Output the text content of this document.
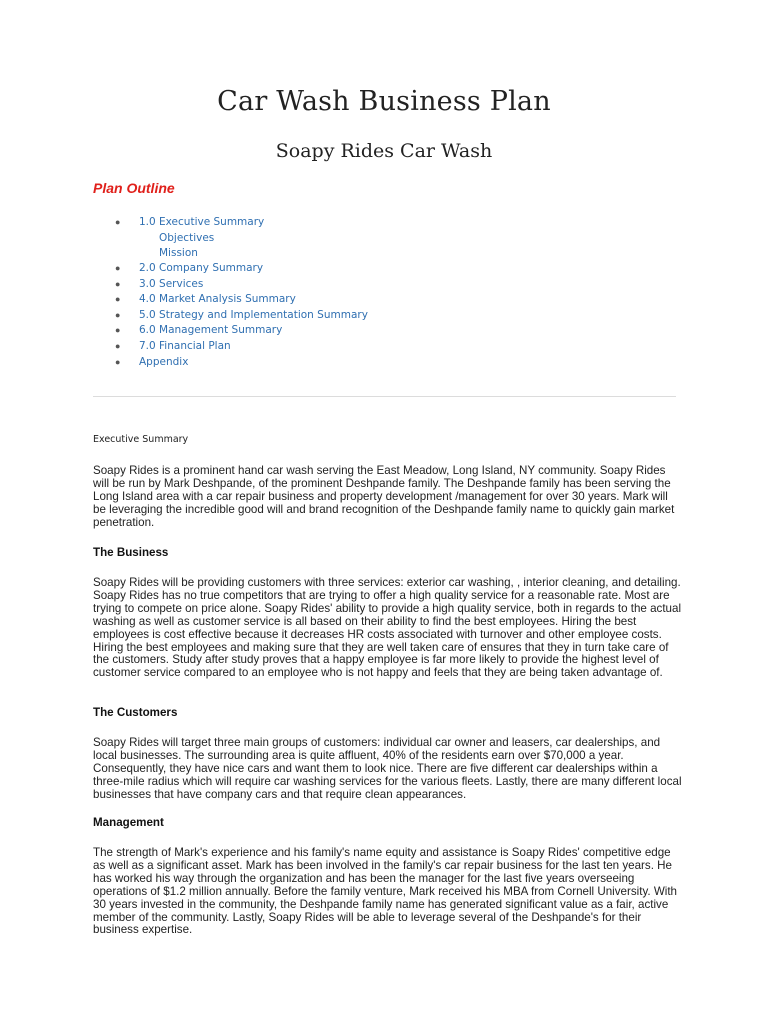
Car Wash Business Plan
Soapy Rides Car Wash
Plan Outline
● 1.0 Executive Summary
Objectives
Mission
● 2.0 Company Summary
● 3.0 Services
● 4.0 Market Analysis Summary
● 5.0 Strategy and Implementation Summary
● 6.0 Management Summary
● 7.0 Financial Plan
● Appendix
Executive Summary

Soapy Rides is a prominent hand car wash serving the East Meadow, Long Island, NY community. Soapy Rides will be run by Mark Deshpande, of the prominent Deshpande family. The Deshpande family has been serving the Long Island area with a car repair business and property development /management for over 30 years. Mark will be leveraging the incredible good will and brand recognition of the Deshpande family name to quickly gain market penetration.

The Business

Soapy Rides will be providing customers with three services: exterior car washing, , interior cleaning, and detailing. Soapy Rides has no true competitors that are trying to offer a high quality service for a reasonable rate. Most are trying to compete on price alone. Soapy Rides' ability to provide a high quality service, both in regards to the actual washing as well as customer service is all based on their ability to find the best employees. Hiring the best employees is cost effective because it decreases HR costs associated with turnover and other employee costs. Hiring the best employees and making sure that they are well taken care of ensures that they in turn take care of the customers. Study after study proves that a happy employee is far more likely to provide the highest level of customer service compared to an employee who is not happy and feels that they are being taken advantage of.

The Customers

Soapy Rides will target three main groups of customers: individual car owner and leasers, car dealerships, and local businesses. The surrounding area is quite affluent, 40% of the residents earn over $70,000 a year. Consequently, they have nice cars and want them to look nice. There are five different car dealerships within a three-mile radius which will require car washing services for the various fleets. Lastly, there are many different local businesses that have company cars and that require clean appearances.

Management

The strength of Mark's experience and his family's name equity and assistance is Soapy Rides' competitive edge as well as a significant asset. Mark has been involved in the family's car repair business for the last ten years. He has worked his way through the organization and has been the manager for the last five years overseeing operations of $1.2 million annually. Before the family venture, Mark received his MBA from Cornell University. With 30 years invested in the community, the Deshpande family name has generated significant value as a fair, active member of the community. Lastly, Soapy Rides will be able to leverage several of the Deshpande's for their business expertise.
